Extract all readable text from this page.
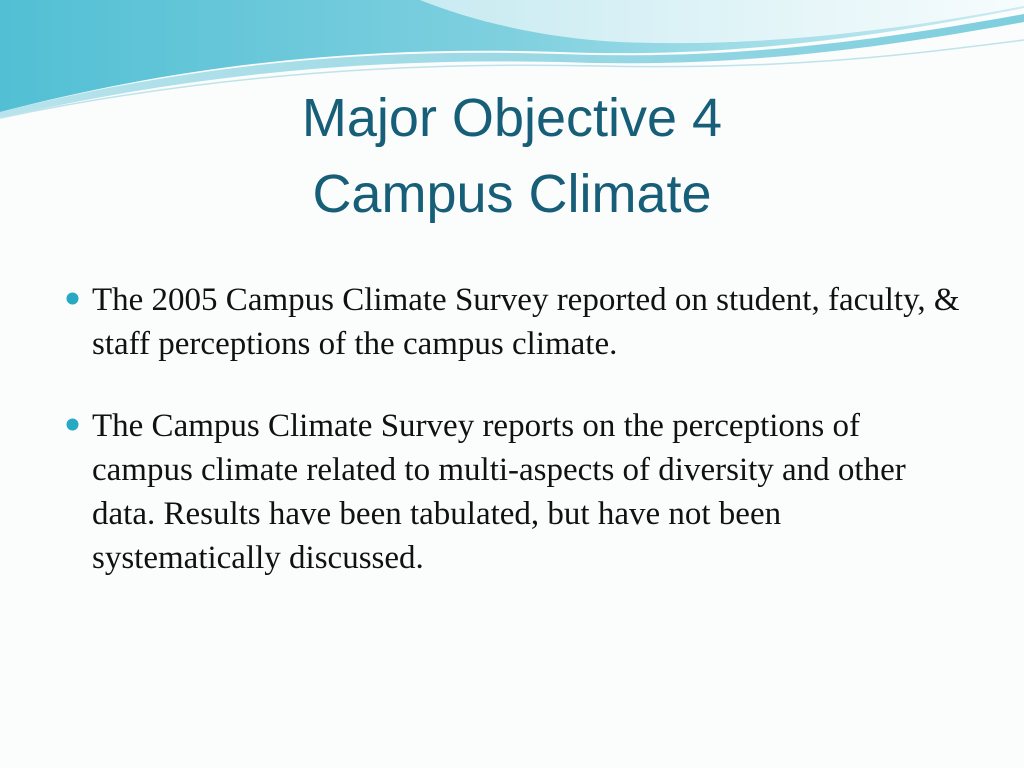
Major Objective 4
Campus Climate
The 2005 Campus Climate Survey reported on student, faculty, & staff perceptions of the campus climate.
The Campus Climate Survey reports on the perceptions of campus climate related to multi-aspects of diversity and other data. Results have been tabulated, but have not been systematically discussed.
